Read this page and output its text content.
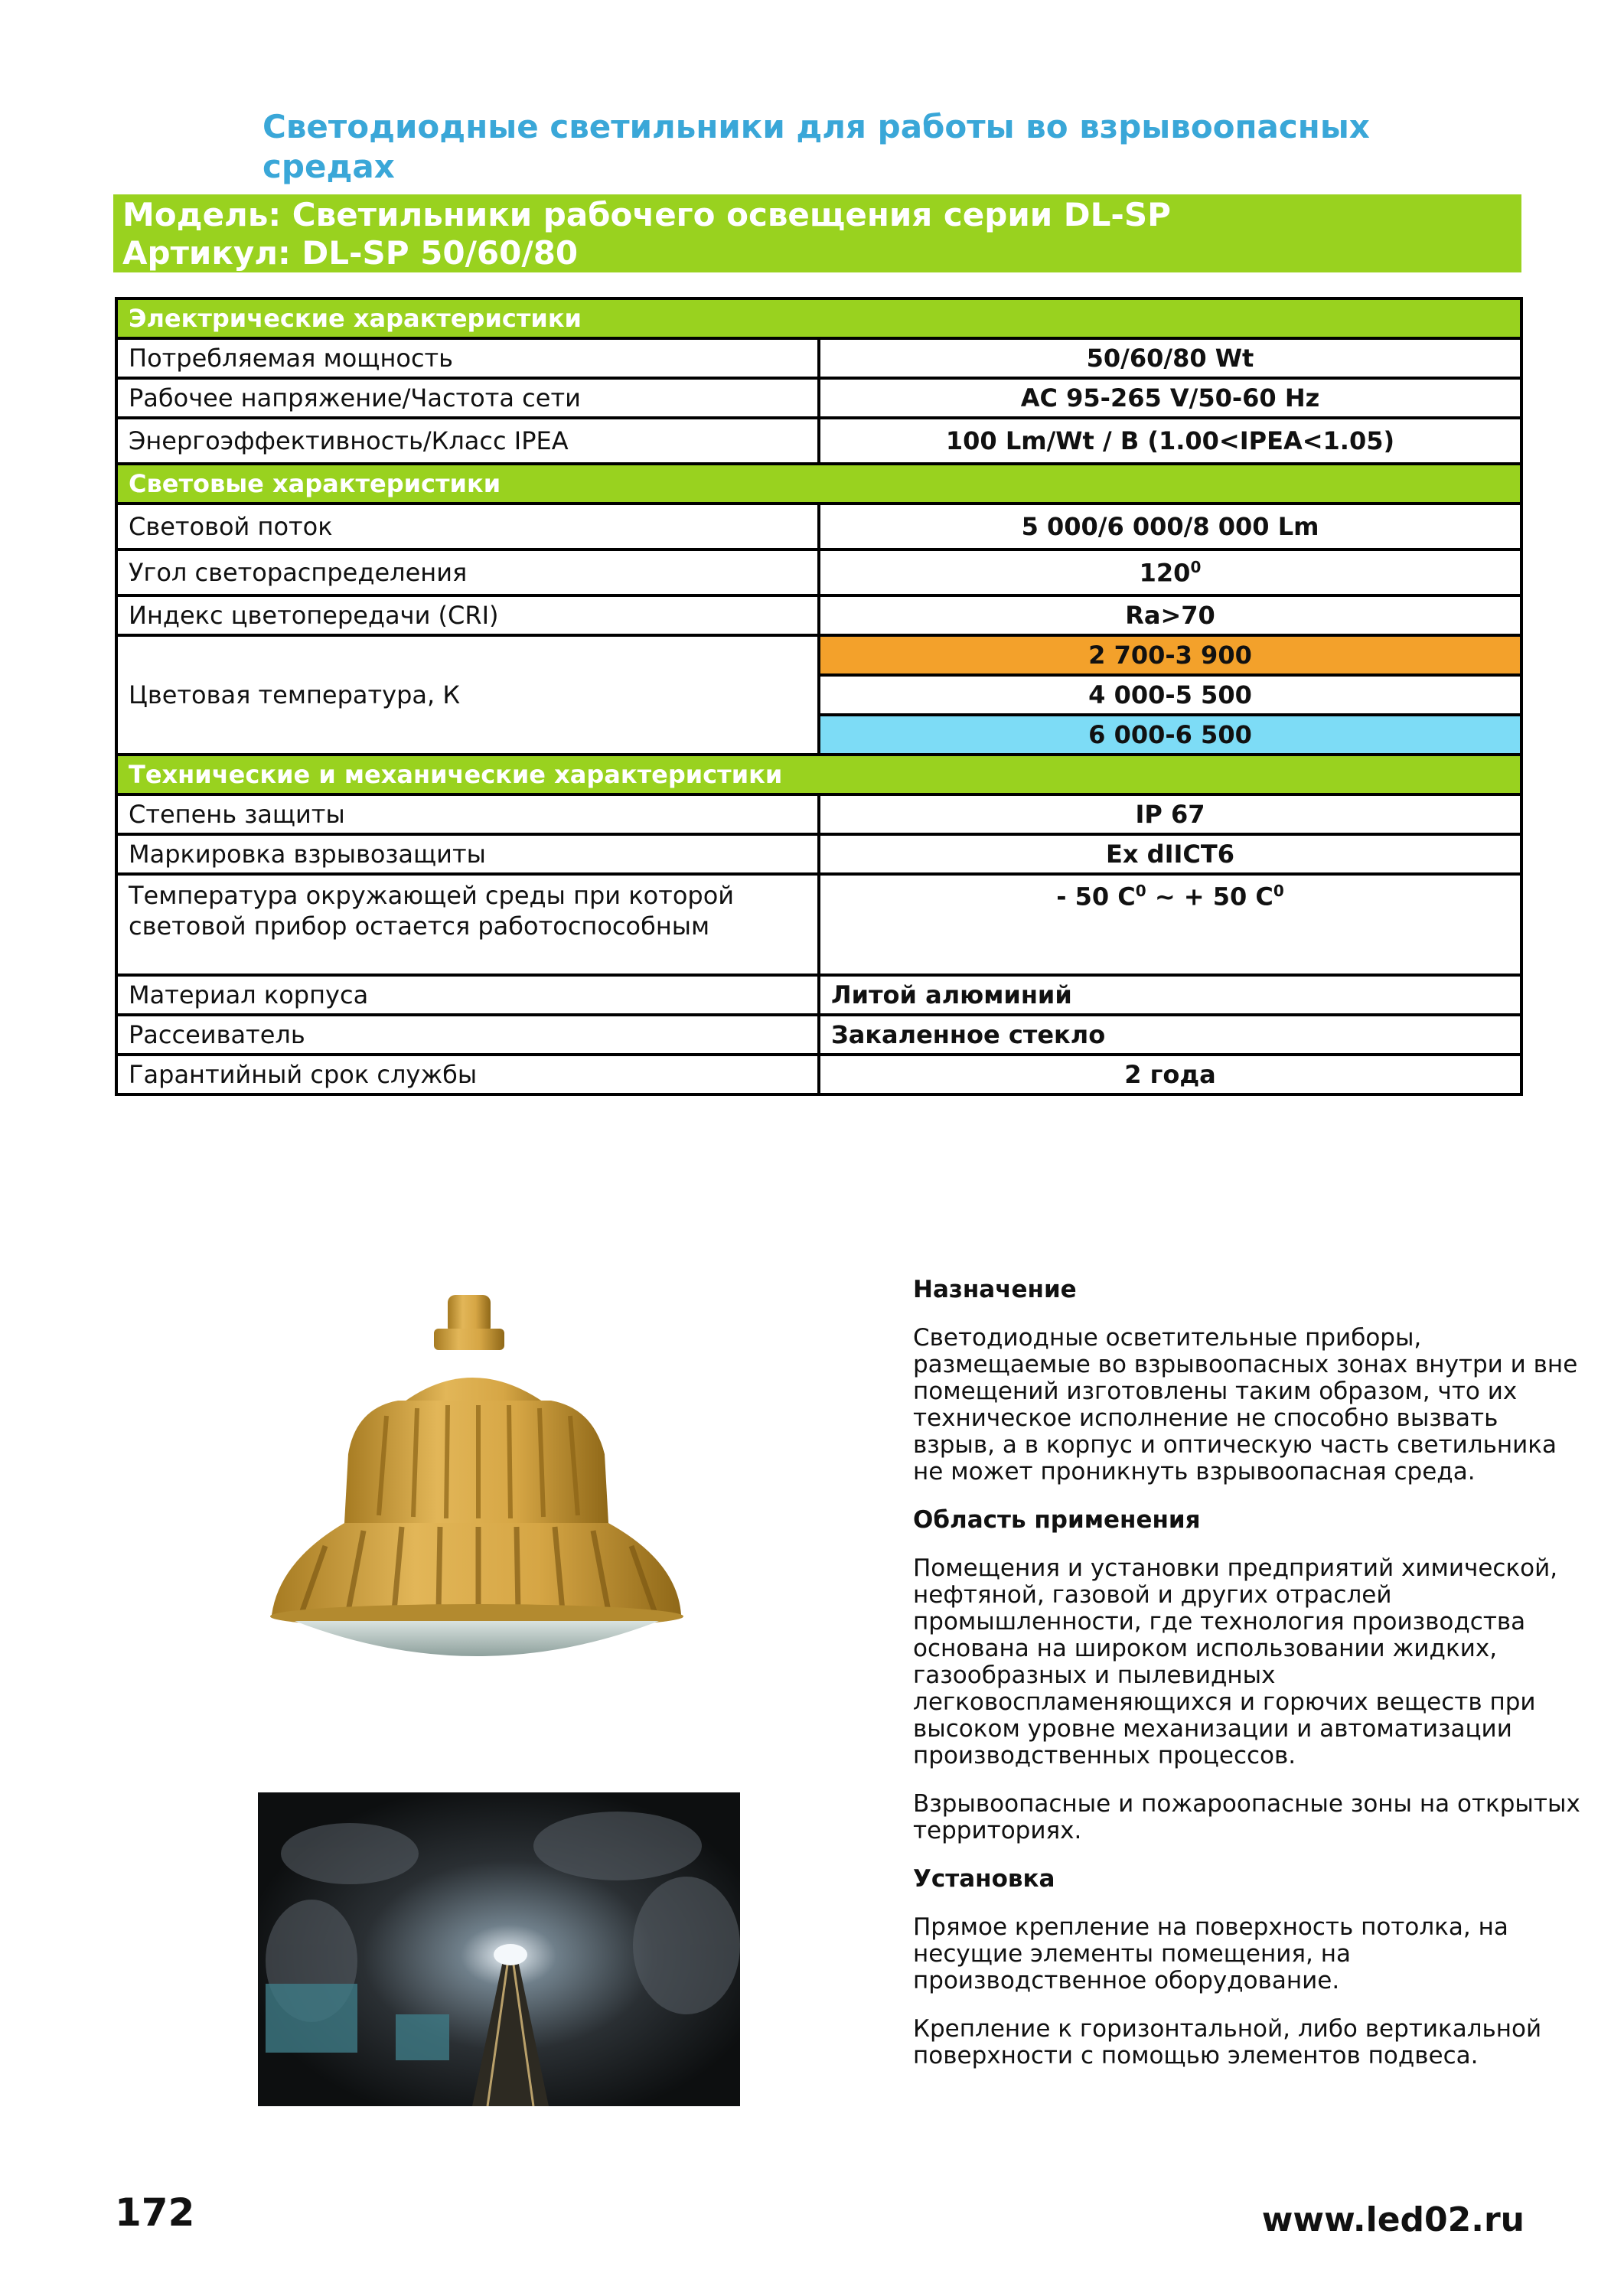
Светодиодные светильники для работы во взрывоопасных
средах
Модель: Светильники рабочего освещения серии DL-SP
Артикул: DL-SP 50/60/80
Электрические характеристики	
Потребляемая мощность	50/60/80 Wt
Рабочее напряжение/Частота сети	AC 95-265 V/50-60 Hz
Энергоэффективность/Класс IPEA	100 Lm/Wt / B (1.00<IPEA<1.05)
Световые характеристики	
Световой поток	5 000/6 000/8 000 Lm
Угол светораспределения	$120^0$
Индекс цветопередачи (CRI)	Ra>70
Цветовая температура, К	2 700-3 900
	4 000-5 500
	6 000-6 500
Технические и механические характеристики	
Степень защиты	IP 67
Маркировка взрывозащиты	Ex dIICT6
Температура окружающей среды при которой световой прибор остается работоспособным	- 50 $C^0$ ~ + 50 $C^0$
Материал корпуса	Литой алюминий
Рассеиватель	Закаленное стекло
Гарантийный срок службы	2 года
Назначение

Светодиодные осветительные приборы, размещаемые во взрывоопасных зонах внутри и вне помещений изготовлены таким образом, что их техническое исполнение не способно вызвать взрыв, а в корпус и оптическую часть светильника не может проникнуть взрывоопасная среда.

Область применения

Помещения и установки предприятий химической, нефтяной, газовой и других отраслей промышленности, где технология производства основана на широком использовании жидких, газообразных и пылевидных легковоспламеняющихся и горючих веществ при высоком уровне механизации и автоматизации производственных процессов.

Взрывоопасные и пожароопасные зоны на открытых территориях.

Установка

Прямое крепление на поверхность потолка, на несущие элементы помещения, на производственное оборудование.

Крепление к горизонтальной, либо вертикальной поверхности с помощью элементов подвеса.

172	www.led02.ru
